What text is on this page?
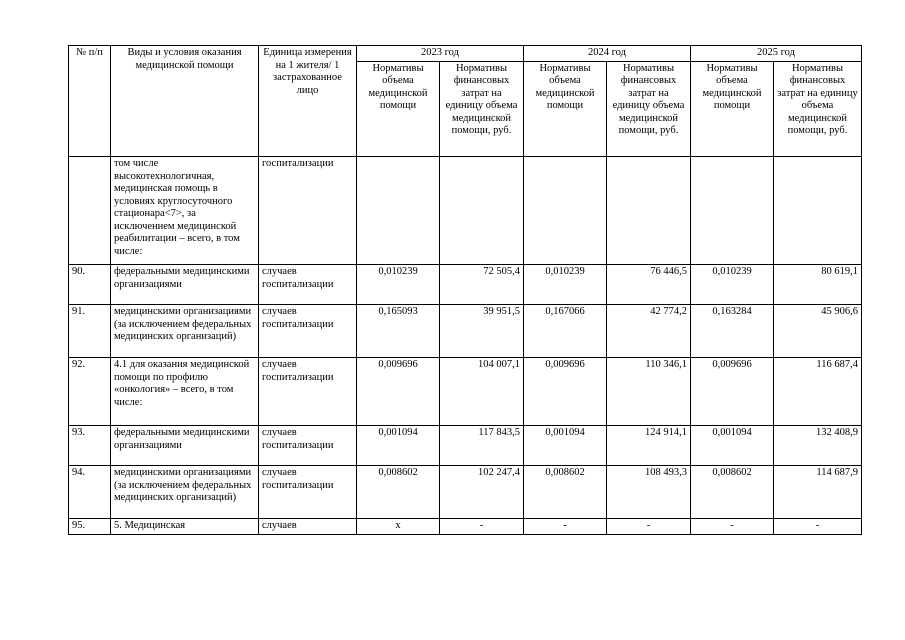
№ п/п	Виды и условия оказания медицинской помощи	Единица измерения на 1 жителя/ 1 застрахованное лицо	2023 год		2024 год		2025 год	
			Нормативы объема медицинской помощи	Нормативы финансовых затрат на единицу объема медицинской помощи, руб.	Нормативы объема медицинской помощи	Нормативы финансовых затрат на единицу объема медицинской помощи, руб.	Нормативы объема медицинской помощи	Нормативы финансовых затрат на единицу объема медицинской помощи, руб.
	том числе высокотехнологичная, медицинская помощь в условиях круглосуточного стационара<7>, за исключением медицинской реабилитации – всего, в том числе:	госпитализации						
90.	федеральными медицинскими организациями	случаев госпитализации	0,010239	72 505,4	0,010239	76 446,5	0,010239	80 619,1
91.	медицинскими организациями (за исключением федеральных медицинских организаций)	случаев госпитализации	0,165093	39 951,5	0,167066	42 774,2	0,163284	45 906,6
92.	4.1 для оказания медицинской помощи по профилю «онкология» – всего, в том числе:	случаев госпитализации	0,009696	104 007,1	0,009696	110 346,1	0,009696	116 687,4
93.	федеральными медицинскими организациями	случаев госпитализации	0,001094	117 843,5	0,001094	124 914,1	0,001094	132 408,9
94.	медицинскими организациями (за исключением федеральных медицинских организаций)	случаев госпитализации	0,008602	102 247,4	0,008602	108 493,3	0,008602	114 687,9
95.	5. Медицинская	случаев	х	-	-	-	-	-
